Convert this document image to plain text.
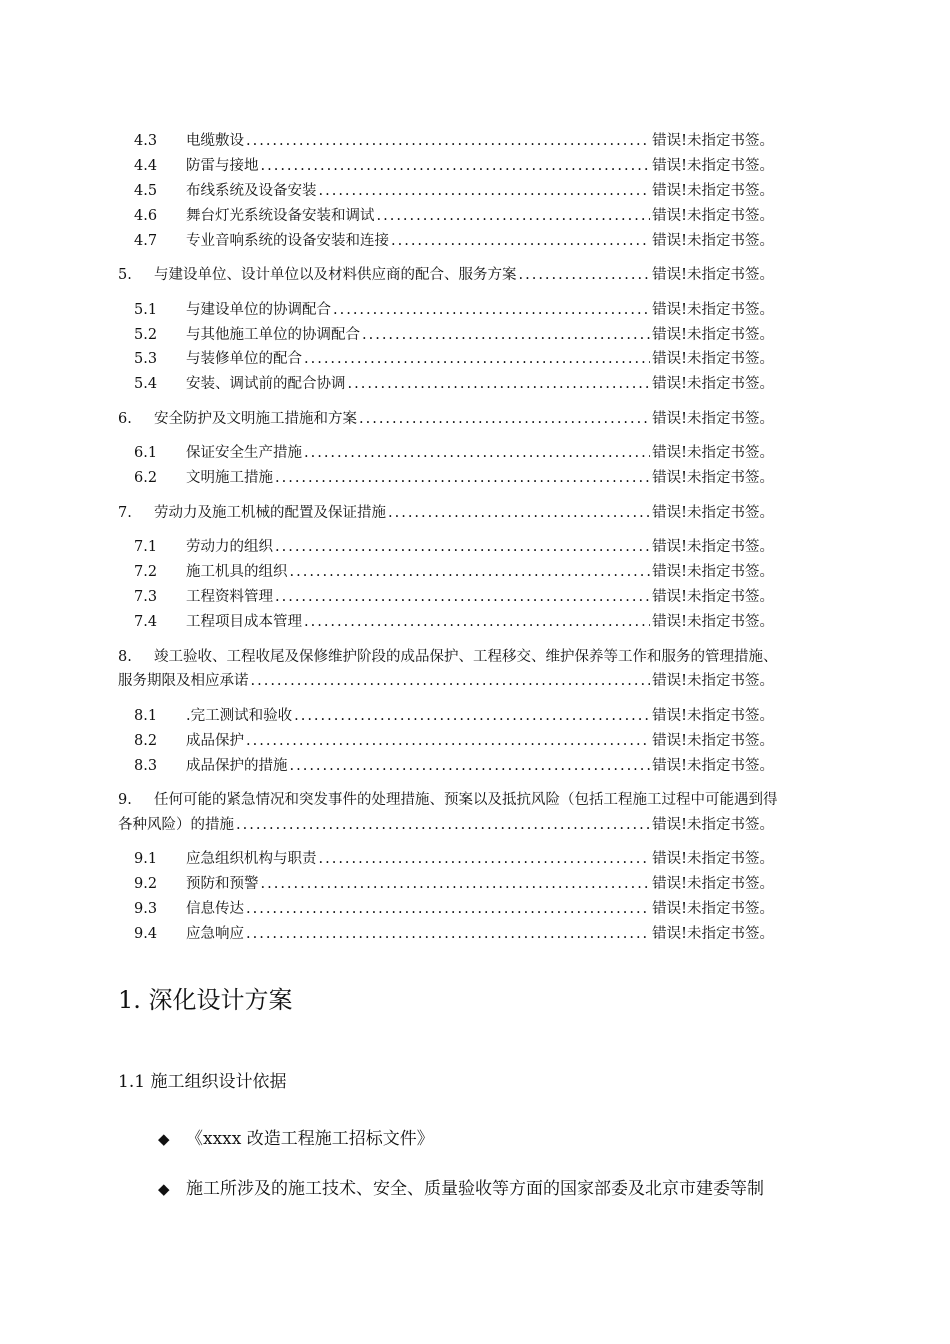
4.3	电缆敷设 .....	错误!未指定书签。
4.4	防雷与接地 .....	错误!未指定书签。
4.5	布线系统及设备安装 .....	错误!未指定书签。
4.6	舞台灯光系统设备安装和调试 .....	错误!未指定书签。
4.7	专业音响系统的设备安装和连接 .....	错误!未指定书签。
5.	与建设单位、设计单位以及材料供应商的配合、服务方案 .....	错误!未指定书签。
5.1	与建设单位的协调配合 .....	错误!未指定书签。
5.2	与其他施工单位的协调配合 .....	错误!未指定书签。
5.3	与装修单位的配合 .....	错误!未指定书签。
5.4	安装、调试前的配合协调 .....	错误!未指定书签。
6.	安全防护及文明施工措施和方案 .....	错误!未指定书签。
6.1	保证安全生产措施 .....	错误!未指定书签。
6.2	文明施工措施 .....	错误!未指定书签。
7.	劳动力及施工机械的配置及保证措施 .....	错误!未指定书签。
7.1	劳动力的组织 .....	错误!未指定书签。
7.2	施工机具的组织 .....	错误!未指定书签。
7.3	工程资料管理 .....	错误!未指定书签。
7.4	工程项目成本管理 .....	错误!未指定书签。
8.	竣工验收、工程收尾及保修维护阶段的成品保护、工程移交、维护保养等工作和服务的管理措施、
服务期限及相应承诺 .....	错误!未指定书签。
8.1	.完工测试和验收 .....	错误!未指定书签。
8.2	成品保护 .....	错误!未指定书签。
8.3	成品保护的措施 .....	错误!未指定书签。
9.	任何可能的紧急情况和突发事件的处理措施、预案以及抵抗风险（包括工程施工过程中可能遇到得
各种风险）的措施 .....	错误!未指定书签。
9.1	应急组织机构与职责 .....	错误!未指定书签。
9.2	预防和预警 .....	错误!未指定书签。
9.3	信息传达 .....	错误!未指定书签。
9.4	应急响应 .....	错误!未指定书签。
1. 深化设计方案
1.1 施工组织设计依据
◆ 《xxxx 改造工程施工招标文件》
◆ 施工所涉及的施工技术、安全、质量验收等方面的国家部委及北京市建委等制
